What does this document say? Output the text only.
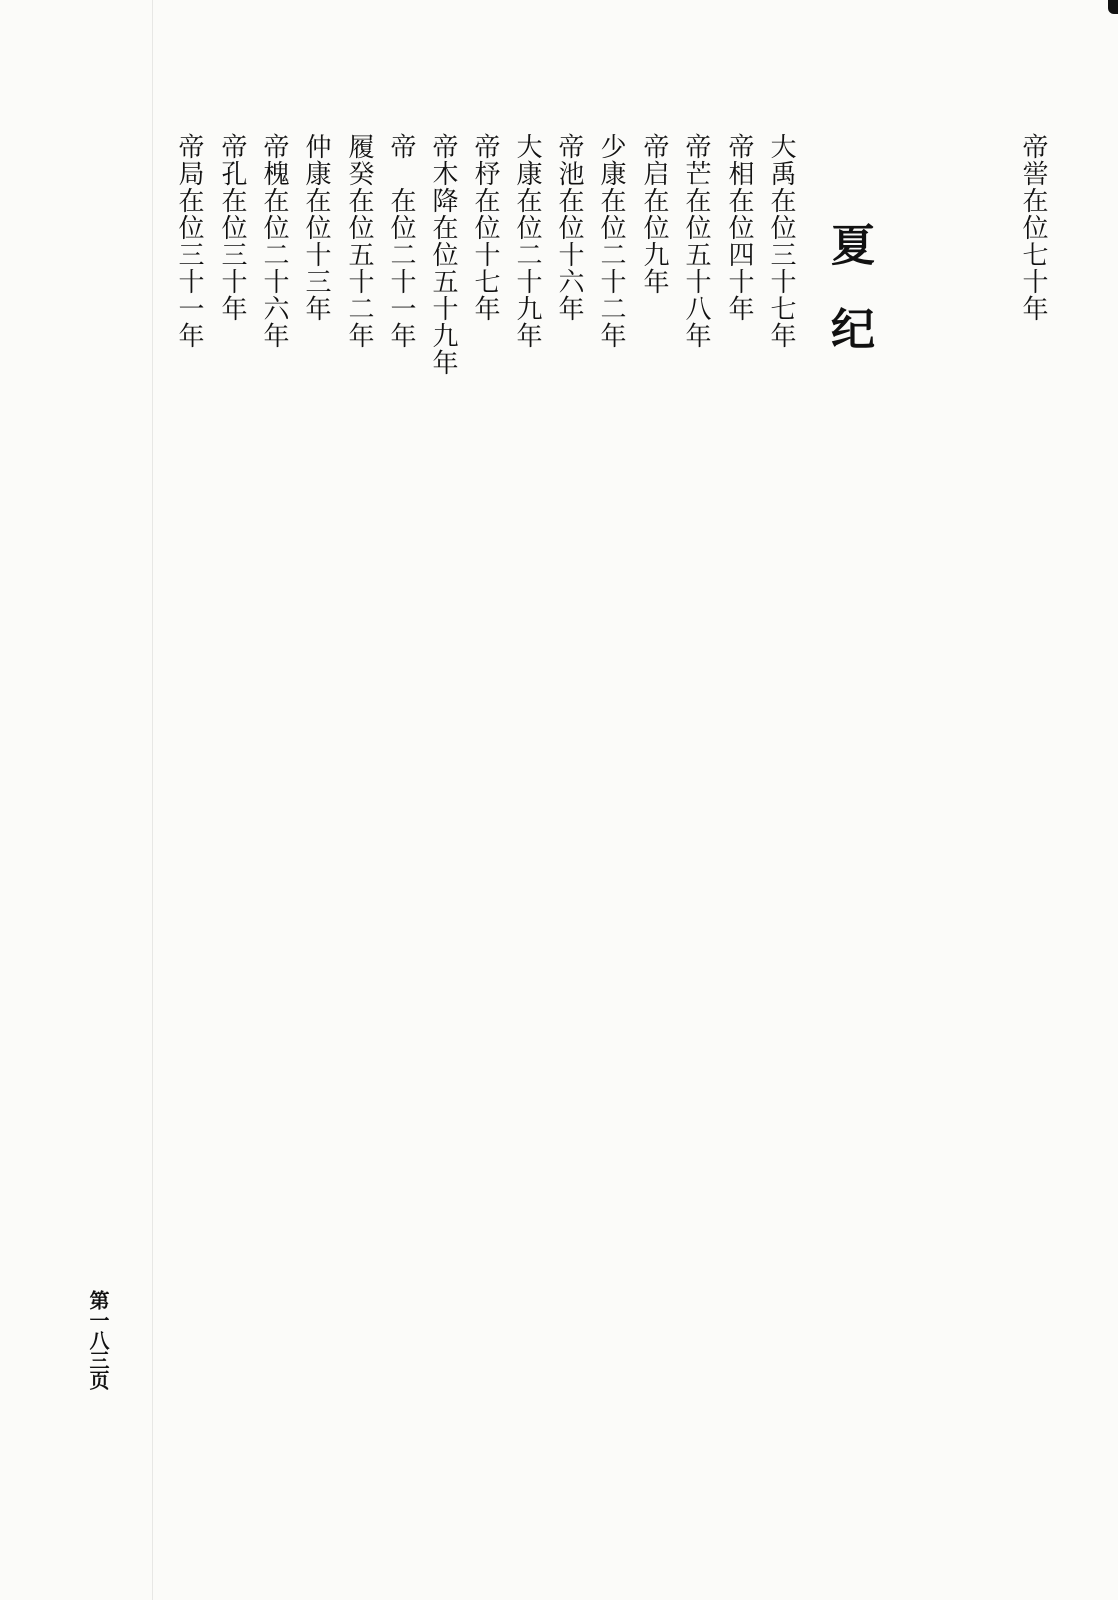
帝喾在位七十年
夏纪
大禹在位三十七年
帝相在位四十年
帝芒在位五十八年
帝启在位九年
少康在位二十二年
帝池在位十六年
大康在位二十九年
帝杼在位十七年
帝木降在位五十九年
帝　在位二十一年
履癸在位五十二年
仲康在位十三年
帝槐在位二十六年
帝孔在位三十年
帝局在位三十一年
第一八三页
